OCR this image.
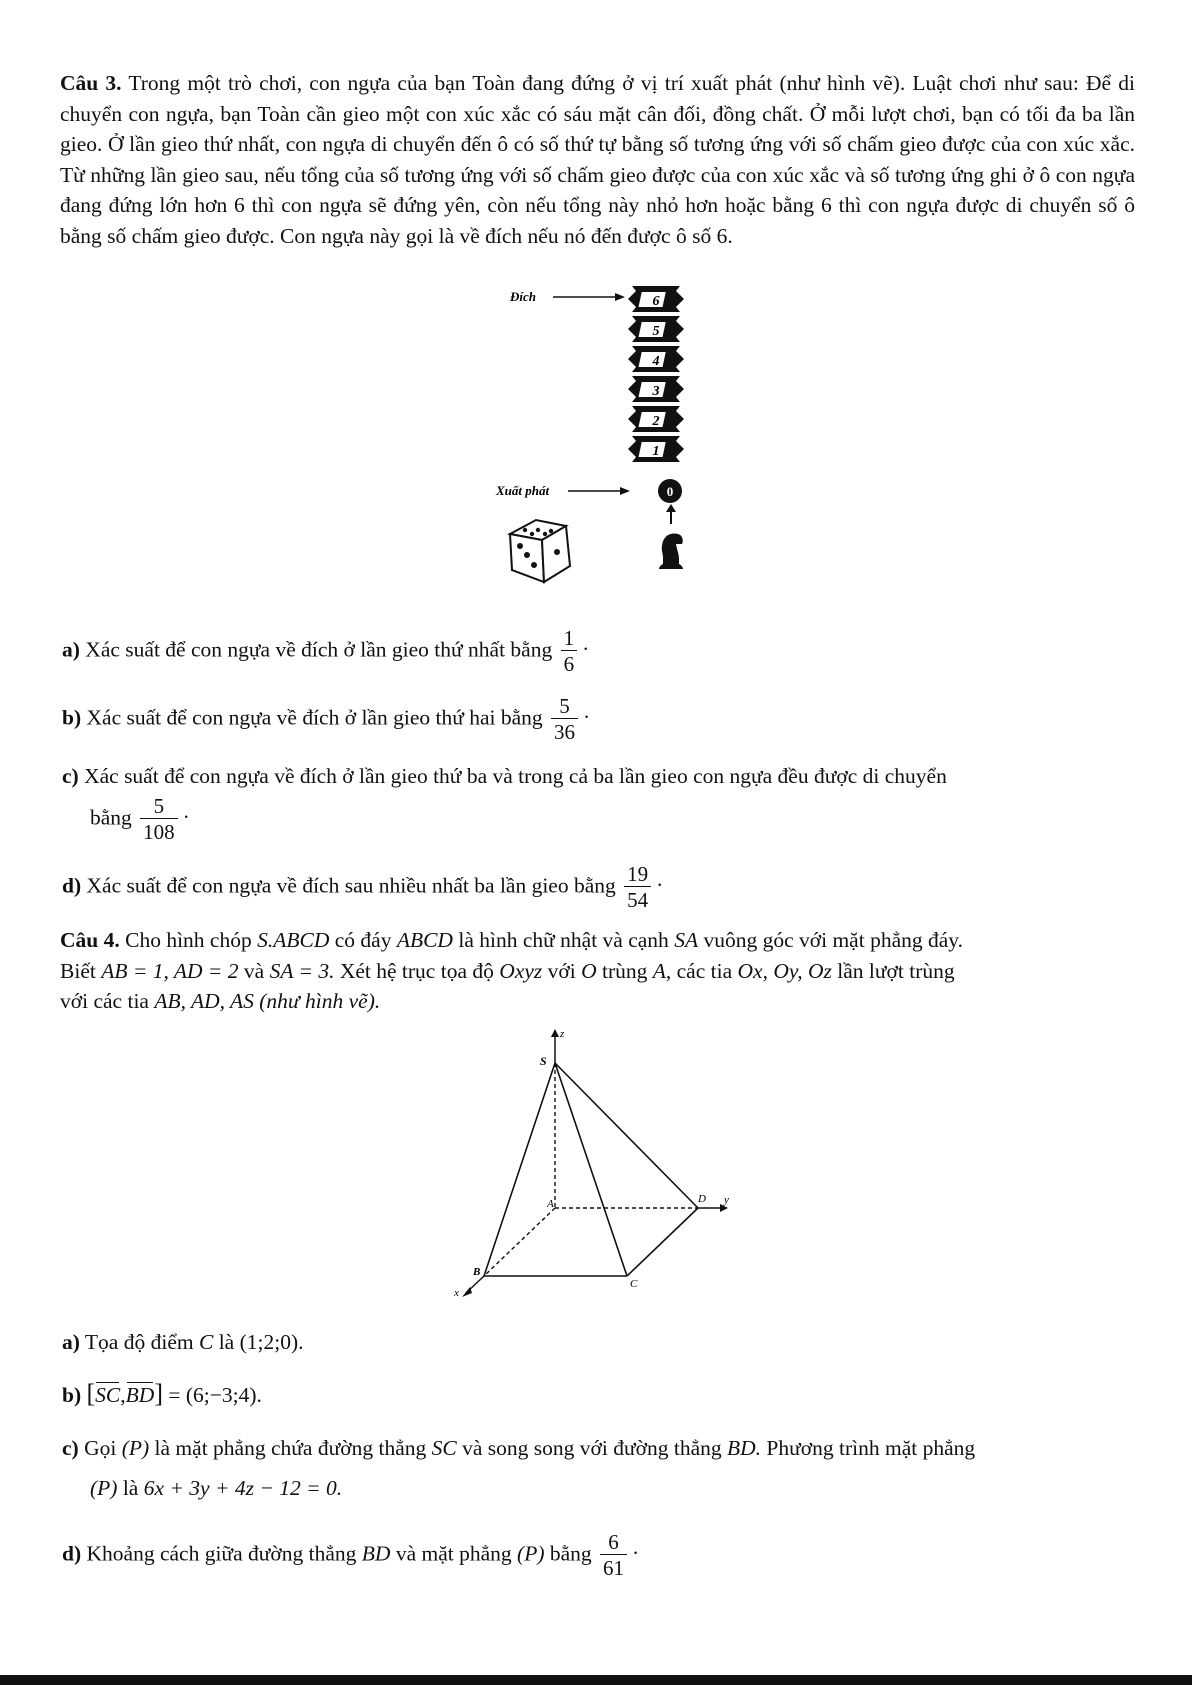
Câu 3. Trong một trò chơi, con ngựa của bạn Toàn đang đứng ở vị trí xuất phát (như hình vẽ). Luật chơi như sau: Để di chuyển con ngựa, bạn Toàn cần gieo một con xúc xắc có sáu mặt cân đối, đồng chất. Ở mỗi lượt chơi, bạn có tối đa ba lần gieo. Ở lần gieo thứ nhất, con ngựa di chuyển đến ô có số thứ tự bằng số tương ứng với số chấm gieo được của con xúc xắc. Từ những lần gieo sau, nếu tổng của số tương ứng với số chấm gieo được của con xúc xắc và số tương ứng ghi ở ô con ngựa đang đứng lớn hơn 6 thì con ngựa sẽ đứng yên, còn nếu tổng này nhỏ hơn hoặc bằng 6 thì con ngựa được di chuyển số ô bằng số chấm gieo được. Con ngựa này gọi là về đích nếu nó đến được ô số 6.
Đích	6
5
4
3
2
1
Xuất phát	0
a) Xác suất để con ngựa về đích ở lần gieo thứ nhất bằng $\frac{1}{6}$ ·
b) Xác suất để con ngựa về đích ở lần gieo thứ hai bằng $\frac{5}{36}$ ·
c) Xác suất để con ngựa về đích ở lần gieo thứ ba và trong cả ba lần gieo con ngựa đều được di chuyển
bằng $\frac{5}{108}$ ·
d) Xác suất để con ngựa về đích sau nhiều nhất ba lần gieo bằng $\frac{19}{54}$ ·
Câu 4. Cho hình chóp S.ABCD có đáy ABCD là hình chữ nhật và cạnh SA vuông góc với mặt phẳng đáy.
Biết AB = 1, AD = 2 và SA = 3. Xét hệ trục tọa độ Oxyz với O trùng A, các tia Ox, Oy, Oz lần lượt trùng
với các tia AB, AD, AS (như hình vẽ).
z
S
x
y
A
B
C
D
a) Tọa độ điểm C là (1;2;0).
b) [SC,BD] = (6;−3;4).
c) Gọi (P) là mặt phẳng chứa đường thẳng SC và song song với đường thẳng BD. Phương trình mặt phẳng
(P) là 6x + 3y + 4z − 12 = 0.
d) Khoảng cách giữa đường thẳng BD và mặt phẳng (P) bằng $\frac{6}{61}$ ·
